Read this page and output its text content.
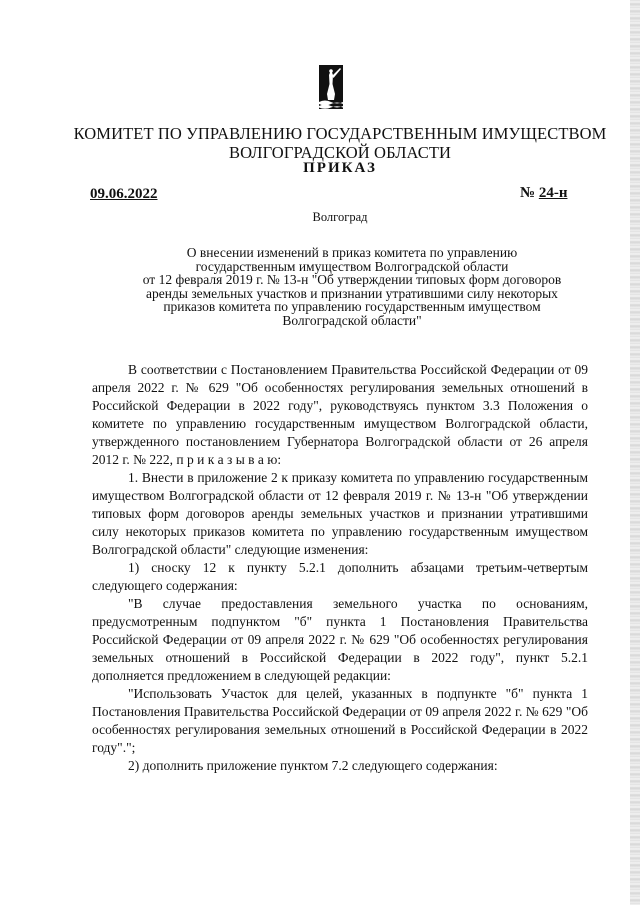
КОМИТЕТ ПО УПРАВЛЕНИЮ ГОСУДАРСТВЕННЫМ ИМУЩЕСТВОМ
ВОЛГОГРАДСКОЙ ОБЛАСТИ
ПРИКАЗ
09.06.2022	№ 24-н
Волгоград
О внесении изменений в приказ комитета по управлению
государственным имуществом Волгоградской области
от 12 февраля 2019 г. № 13-н "Об утверждении типовых форм договоров
аренды земельных участков и признании утратившими силу некоторых
приказов комитета по управлению государственным имуществом
Волгоградской области"

В соответствии с Постановлением Правительства Российской Федерации от 09 апреля 2022 г. № 629 "Об особенностях регулирования земельных отношений в Российской Федерации в 2022 году", руководствуясь пунктом 3.3 Положения о комитете по управлению государственным имуществом Волгоградской области, утвержденного постановлением Губернатора Волгоградской области от 26 апреля 2012 г. № 222, п р и к а з ы в а ю:

1. Внести в приложение 2 к приказу комитета по управлению государственным имуществом Волгоградской области от 12 февраля 2019 г. № 13-н "Об утверждении типовых форм договоров аренды земельных участков и признании утратившими силу некоторых приказов комитета по управлению государственным имуществом Волгоградской области" следующие изменения:

1) сноску 12 к пункту 5.2.1 дополнить абзацами третьим-четвертым следующего содержания:

"В случае предоставления земельного участка по основаниям, предусмотренным подпунктом "б" пункта 1 Постановления Правительства Российской Федерации от 09 апреля 2022 г. № 629 "Об особенностях регулирования земельных отношений в Российской Федерации в 2022 году", пункт 5.2.1 дополняется предложением в следующей редакции:

"Использовать Участок для целей, указанных в подпункте "б" пункта 1 Постановления Правительства Российской Федерации от 09 апреля 2022 г. № 629 "Об особенностях регулирования земельных отношений в Российской Федерации в 2022 году".";

2) дополнить приложение пунктом 7.2 следующего содержания:
